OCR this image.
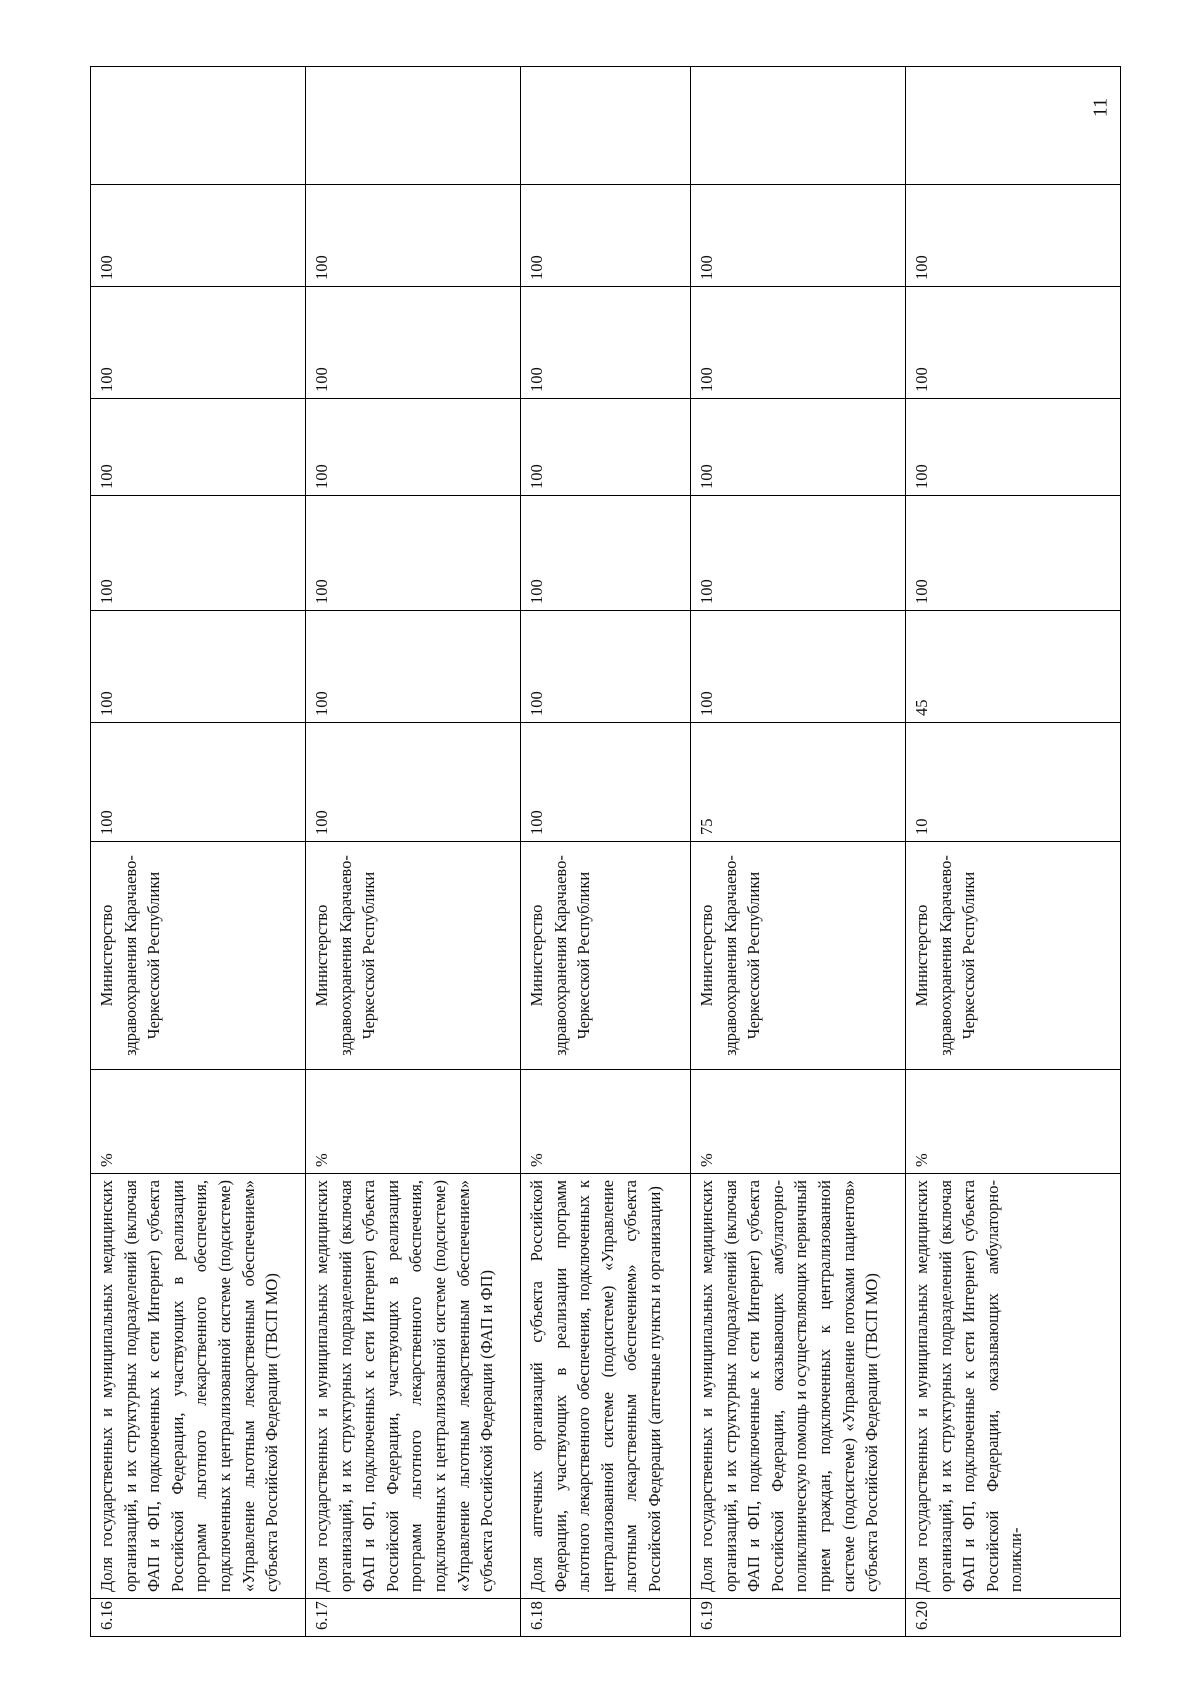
11
6.16	Доля государственных и муниципальных медицинских организаций, и их структурных подразделений (включая ФАП и ФП, подключенных к сети Интернет) субъекта Российской Федерации, участвующих в реализации программ льготного лекарственного обеспечения, подключенных к централизованной системе (подсистеме) «Управление льготным лекарственным обеспечением» субъекта Российской Федерации (ТВСП МО)	%	Министерство здравоохранения Карачаево-Черкесской Республики	100	100	100	100	100	100	
6.17	Доля государственных и муниципальных медицинских организаций, и их структурных подразделений (включая ФАП и ФП, подключенных к сети Интернет) субъекта Российской Федерации, участвующих в реализации программ льготного лекарственного обеспечения, подключенных к централизованной системе (подсистеме) «Управление льготным лекарственным обеспечением» субъекта Российской Федерации (ФАП и ФП)	%	Министерство здравоохранения Карачаево-Черкесской Республики	100	100	100	100	100	100	
6.18	Доля аптечных организаций субъекта Российской Федерации, участвующих в реализации программ льготного лекарственного обеспечения, подключенных к централизованной системе (подсистеме) «Управление льготным лекарственным обеспечением» субъекта Российской Федерации (аптечные пункты и организации)	%	Министерство здравоохранения Карачаево-Черкесской Республики	100	100	100	100	100	100	
6.19	Доля государственных и муниципальных медицинских организаций, и их структурных подразделений (включая ФАП и ФП, подключенные к сети Интернет) субъекта Российской Федерации, оказывающих амбулаторно-поликлиническую помощь и осуществляющих первичный прием граждан, подключенных к централизованной системе (подсистеме) «Управление потоками пациентов» субъекта Российской Федерации (ТВСП МО)	%	Министерство здравоохранения Карачаево-Черкесской Республики	75	100	100	100	100	100	
6.20	Доля государственных и муниципальных медицинских организаций, и их структурных подразделений (включая ФАП и ФП, подключенные к сети Интернет) субъекта Российской Федерации, оказывающих амбулаторно-поликли-	%	Министерство здравоохранения Карачаево-Черкесской Республики	10	45	100	100	100	100	
